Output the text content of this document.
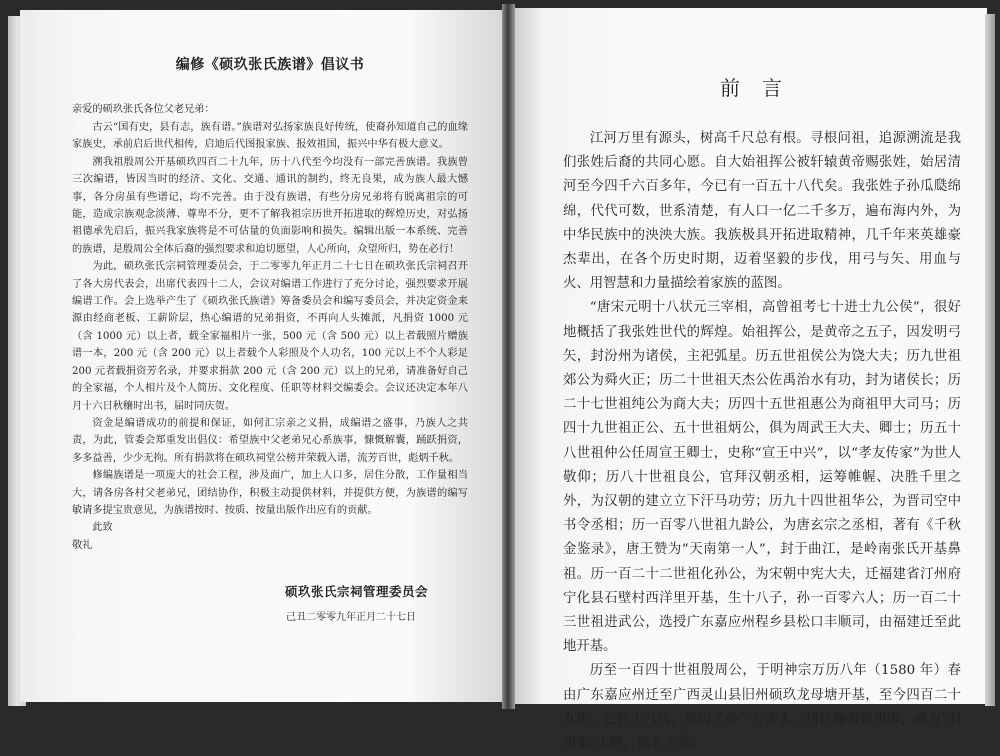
编修《硕玖张氏族谱》倡议书
亲爱的硕玖张氏各位父老兄弟：

古云“国有史，县有志，族有谱。”族谱对弘扬家族良好传统，使裔孙知道自己的血缘家族史，承前启后世代相传，启迪后代图报家族、报效祖国，振兴中华有极大意义。

溯我祖殷周公开基硕玖四百二十九年，历十八代至今均没有一部完善族谱。我族曾三次编谱，皆因当时的经济、文化、交通、通讯的制约，终无良果，成为族人最大憾事，各分房虽有些谱记，均不完善。由于没有族谱，有些分房兄弟将有脱离祖宗的可能，造成宗族观念淡薄、尊卑不分，更不了解我祖宗历世开拓进取的辉煌历史，对弘扬祖德承先启后，振兴我家族将是不可估量的负面影响和损失。编辑出版一本系统、完善的族谱，是殷周公全体后裔的强烈要求和迫切愿望，人心所向，众望所归，势在必行！

为此，硕玖张氏宗祠管理委员会，于二零零九年正月二十七日在硕玖张氏宗祠召开了各大房代表会，出席代表四十二人，会议对编谱工作进行了充分讨论，强烈要求开展编谱工作。会上选举产生了《硕玖张氏族谱》筹备委员会和编写委员会，并决定资金来源由经商老板、工薪阶层，热心编谱的兄弟捐资，不再向人头摊派，凡捐资 1000 元（含 1000 元）以上者，载全家福相片一张，500 元（含 500 元）以上者载照片赠族谱一本，200 元（含 200 元）以上者载个人彩照及个人功名，100 元以上不个人彩足 200 元者载捐资芳名录，并要求捐款 200 元（含 200 元）以上的兄弟，请准备好自己的全家福，个人相片及个人简历、文化程度、任职等材料交编委会。会议还决定本年八月十六日秋穰时出书，届时同庆贺。

资金是编谱成功的前提和保证，如何汇宗亲之义捐，成编谱之盛事，乃族人之共责，为此，管委会郑重发出倡仪：希望族中父老弟兄心系族事，慷慨解囊，踊跃捐资，多多益善，少少无拘。所有捐款将在硕玖祠堂公榜并荣载入谱，流芳百世，彪炳千秋。

修编族谱是一项庞大的社会工程，涉及面广，加上人口多，居住分散，工作量相当大，请各房各村父老弟兄，团结协作，积极主动提供材料，并提供方便，为族谱的编写敏请多提宝贵意见，为族谱按时、按质、按量出版作出应有的贡献。

此致

敬礼

硕玖张氏宗祠管理委员会
己丑二零零九年正月二十七日
前言

江河万里有源头，树高千尺总有根。寻根问祖，追源溯流是我们张姓后裔的共同心愿。自大始祖挥公被轩辕黄帝赐张姓，始居清河至今四千六百多年，今已有一百五十八代矣。我张姓子孙瓜瓞绵绵，代代可数，世系清楚，有人口一亿二千多万，遍布海内外，为中华民族中的泱泱大族。我族极具开拓进取精神，几千年来英雄豪杰辈出，在各个历史时期，迈着坚毅的步伐，用弓与矢、用血与火、用智慧和力量描绘着家族的蓝图。

“唐宋元明十八状元三宰相，高曾祖考七十进士九公侯”，很好地概括了我张姓世代的辉煌。始祖挥公，是黄帝之五子，因发明弓矢，封汾州为诸侯，主祀弧星。历五世祖侯公为饶大夫；历九世祖郊公为舜火正；历二十世祖天杰公佐禹治水有功，封为诸侯长；历二十七世祖纯公为商大夫；历四十五世祖惠公为商祖甲大司马；历四十九世祖正公、五十世祖炳公，俱为周武王大夫、卿士；历五十八世祖仲公任周宣王卿士，史称“宣王中兴”，以“孝友传家”为世人敬仰；历八十世祖良公，官拜汉朝丞相，运筹帷幄、决胜千里之外，为汉朝的建立立下汗马功劳；历九十四世祖华公，为晋司空中书令丞相；历一百零八世祖九龄公，为唐玄宗之丞相，著有《千秋金鉴录》，唐王赞为“天南第一人”，封于曲江，是岭南张氏开基鼻祖。历一百二十二世祖化孙公，为宋朝中宪大夫，迁福建省汀州府宁化县石壁村西洋里开基，生十八子，孙一百零六人；历一百二十三世祖进武公，选授广东嘉应州程乡县松口丰顺司，由福建迁至此地开基。

历至一百四十世祖殷周公，于明神宗万历八年（1580 年）春由广东嘉应州迁至广西灵山县旧州硕玖龙母塘开基，至今四百二十九年，已传十八代，繁衍子孙二万多人，居住遍布钦州市，成为“旧州张”大姓，扬名于世。
